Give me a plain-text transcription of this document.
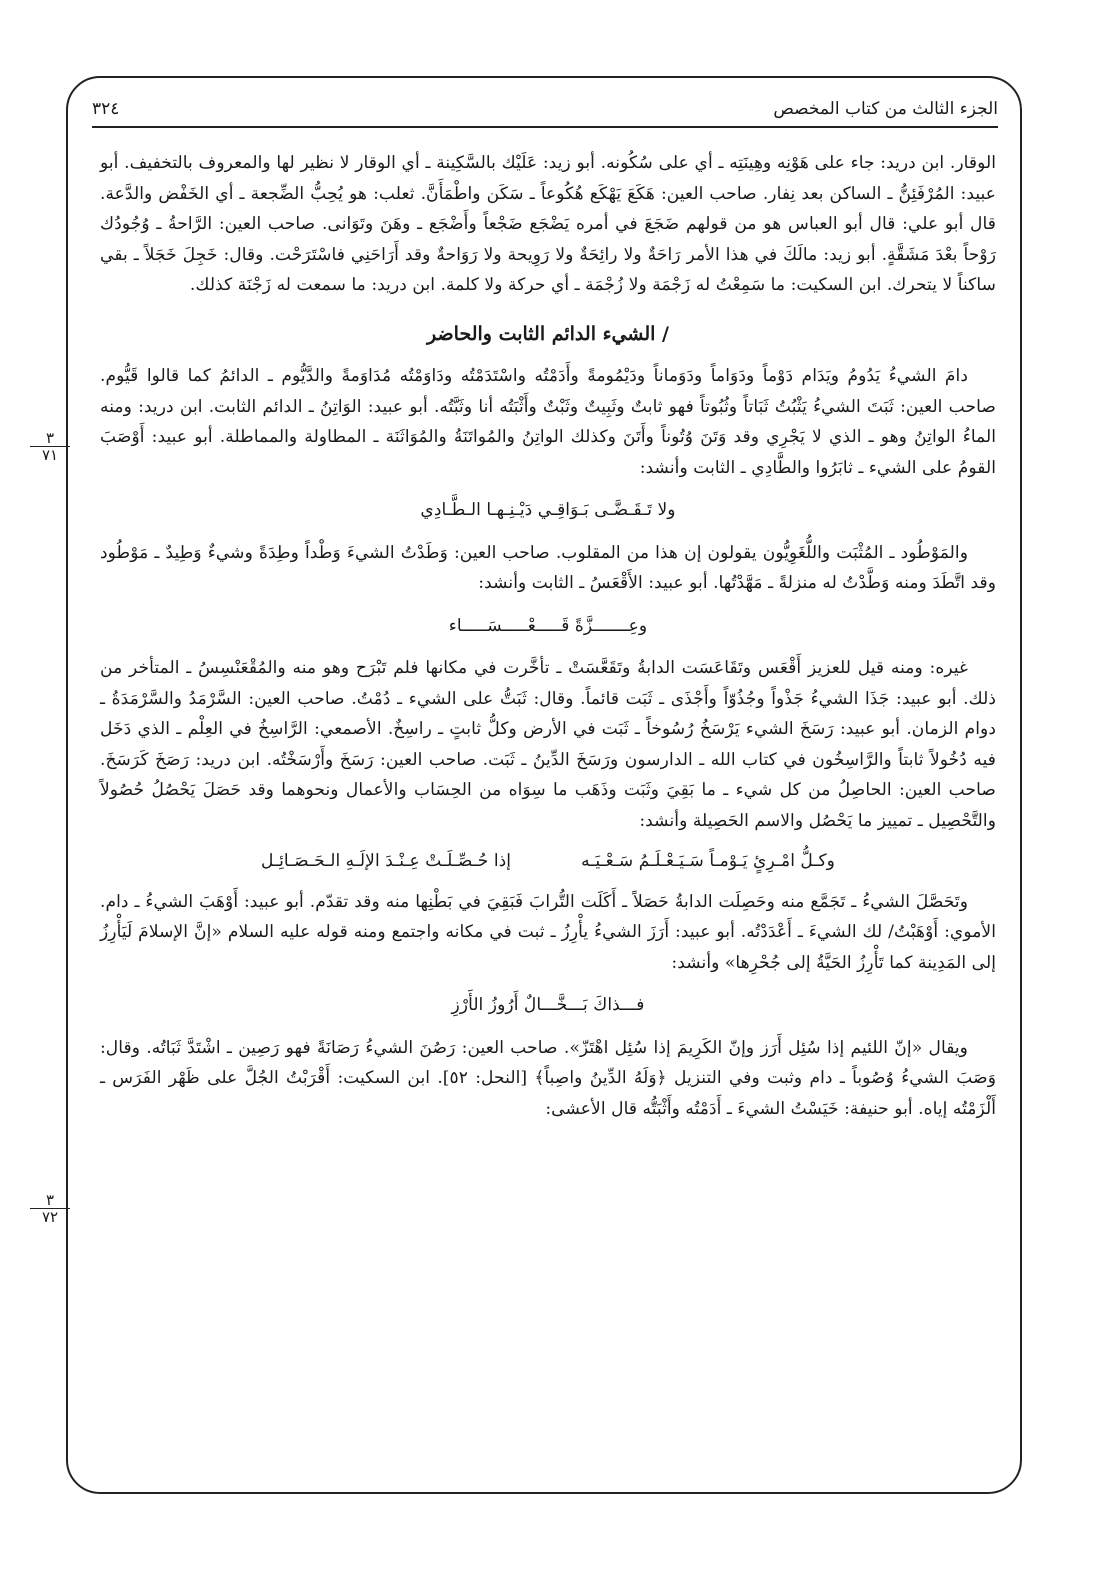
الجزء الثالث من كتاب المخصص
٣٢٤
٣
٧١
٣
٧٢

الوقار. ابن دريد: جاء على هَوْنِه وهِينَتِه ـ أي على سُكُونه. أبو زيد: عَلَيْك بالسَّكِينة ـ أي الوقار لا نظير لها والمعروف بالتخفيف. أبو عبيد: المُرْفَئِنُّ ـ الساكن بعد نِفار. صاحب العين: هَكَعَ يَهْكَع هُكُوعاً ـ سَكَن واطْمَأَنَّ. ثعلب: هو يُحِبُّ الضِّجعة ـ أي الخَفْض والدَّعة. قال أبو علي: قال أبو العباس هو من قولهم ضَجَعَ في أمره يَضْجَع ضَجْعاً وأَضْجَع ـ وهَنَ وتَوَانى. صاحب العين: الرَّاحةُ ـ وُجُودُك رَوْحاً بعْدَ مَشَقَّةٍ. أبو زيد: مالَكَ في هذا الأمر رَاحَةٌ ولا رائِحَةٌ ولا رَوِيحة ولا رَوَاحةٌ وقد أَرَاحَنِي فاسْتَرَحْت. وقال: خَجِلَ خَجَلاً ـ بقي ساكناً لا يتحرك. ابن السكيت: ما سَمِعْتُ له زَجْمَة ولا زُجْمَة ـ أي حركة ولا كلمة. ابن دريد: ما سمعت له زَجْنَة كذلك.

/ الشيء الدائم الثابت والحاضر

دامَ الشيءُ يَدُومُ ويَدَام دَوْماً ودَوَاماً ودَوَماناً ودَيْمُومةً وأَدَمْتُه واسْتَدَمْتُه ودَاوَمْتُه مُدَاوَمةً والدَّيُّوم ـ الدائمُ كما قالوا قَيُّوم. صاحب العين: ثَبَتَ الشيءُ يَثْبُتُ ثَبَاتاً وثُبُوتاً فهو ثابتٌ وثَبِيتٌ وثَبْتٌ وأَثْبَتُه أنا وثَبَّتُه. أبو عبيد: الوَاتِنُ ـ الدائم الثابت. ابن دريد: ومنه الماءُ الواتِنُ وهو ـ الذي لا يَجْرِي وقد وَتَنَ وُتُوناً وأَتَنَ وكذلك الواتِنُ والمُواتَنَةُ والمُوَاثَنَة ـ المطاولة والمماطلة. أبو عبيد: أَوْصَبَ القومُ على الشيء ـ ثابَرُوا والطَّادِي ـ الثابت وأنشد:

ولا تَـقَـضَّـى بَـوَاقِـي دَيْـنِـهـا الـطَّـادِي

والمَوْطُود ـ المُثْبَت واللُّغَوِيُّون يقولون إن هذا من المقلوب. صاحب العين: وَطَدْتُ الشيءَ وَطْداً وطِدَةً وشيءٌ وَطِيدٌ ـ مَوْطُود وقد اتَّطَدَ ومنه وَطَّدْتُ له منزلةً ـ مَهَّدْتُها. أبو عبيد: الأَقْعَسُ ـ الثابت وأنشد:

وعِـــــــزَّةً قَـــــعْـــــسَـــــاء

غيره: ومنه قيل للعزيز أَقْعَس وتَقَاعَسَت الدابةُ وتَقَعَّسَتْ ـ تأخَّرت في مكانها فلم تَبْرَح وهو منه والمُقْعَنْسِسُ ـ المتأخر من ذلك. أبو عبيد: جَذَا الشيءُ جَذْواً وجُذُوّاً وأَجْذَى ـ ثَبَت قائماً. وقال: ثَبَتُّ على الشيء ـ دُمْتُ. صاحب العين: السَّرْمَدُ والسَّرْمَدَةُ ـ دوام الزمان. أبو عبيد: رَسَخَ الشيء يَرْسَخُ رُسُوخاً ـ ثَبَت في الأرض وكلُّ ثابتٍ ـ راسِخٌ. الأصمعي: الرَّاسِخُ في العِلْم ـ الذي دَخَل فيه دُخُولاً ثابتاً والرَّاسِخُون في كتاب الله ـ الدارسون ورَسَخَ الدِّينُ ـ ثَبَت. صاحب العين: رَسَخَ وأَرْسَخْتُه. ابن دريد: رَصَخَ كَرَسَخَ. صاحب العين: الحاصِلُ من كل شيء ـ ما بَقِيَ وثَبَت وذَهَب ما سِوَاه من الحِسَاب والأعمال ونحوهما وقد حَصَلَ يَحْصُلُ حُصُولاً والتَّحْصِيل ـ تمييز ما يَحْصُل والاسم الحَصِيلة وأنشد:

وكـلُّ امْـرِئٍ يَـوْمـاً سَـيَـعْـلَـمُ سَـعْـيَـه
إذا حُـصِّـلَـتْ عِـنْـدَ الإلَـهِ الـحَـصَـائِـل

وتَحَصَّلَ الشيءُ ـ تَجَمَّع منه وحَصِلَت الدابةُ حَصَلاً ـ أَكَلَت التُّرابَ فَبَقِيَ في بَطْنِها منه وقد تقدّم. أبو عبيد: أَوْهَبَ الشيءُ ـ دام. الأموي: أَوْهَبْتُ/ لك الشيءَ ـ أَعْدَدْتُه. أبو عبيد: أَرَزَ الشيءُ يأْرِزُ ـ ثبت في مكانه واجتمع ومنه قوله عليه السلام «إنَّ الإسلامَ لَيَأْرِزُ إلى المَدِينة كما تَأْرِزُ الحَيَّةُ إلى جُحْرِها» وأنشد:

فـــذاكَ بَـــخَّـــالٌ أَرُوزُ الأَرْزِ

ويقال «إنّ اللئيم إذا سُئِل أَرَز وإنّ الكَرِيمَ إذا سُئِل اهْتَزّ». صاحب العين: رَصُنَ الشيءُ رَصَانَةً فهو رَصِين ـ اشْتَدَّ ثَبَاتُه. وقال: وَصَبَ الشيءُ وُصُوباً ـ دام وثبت وفي التنزيل ﴿وَلَهُ الدِّينُ واصِباً﴾ [النحل: ٥٢]. ابن السكيت: أَقْرَبْتُ الجُلَّ على ظَهْر الفَرَس ـ أَلْزَمْتُه إياه. أبو حنيفة: خَيَسْتُ الشيءَ ـ أَدَمْتُه وأَثْبَتُّه قال الأعشى:
